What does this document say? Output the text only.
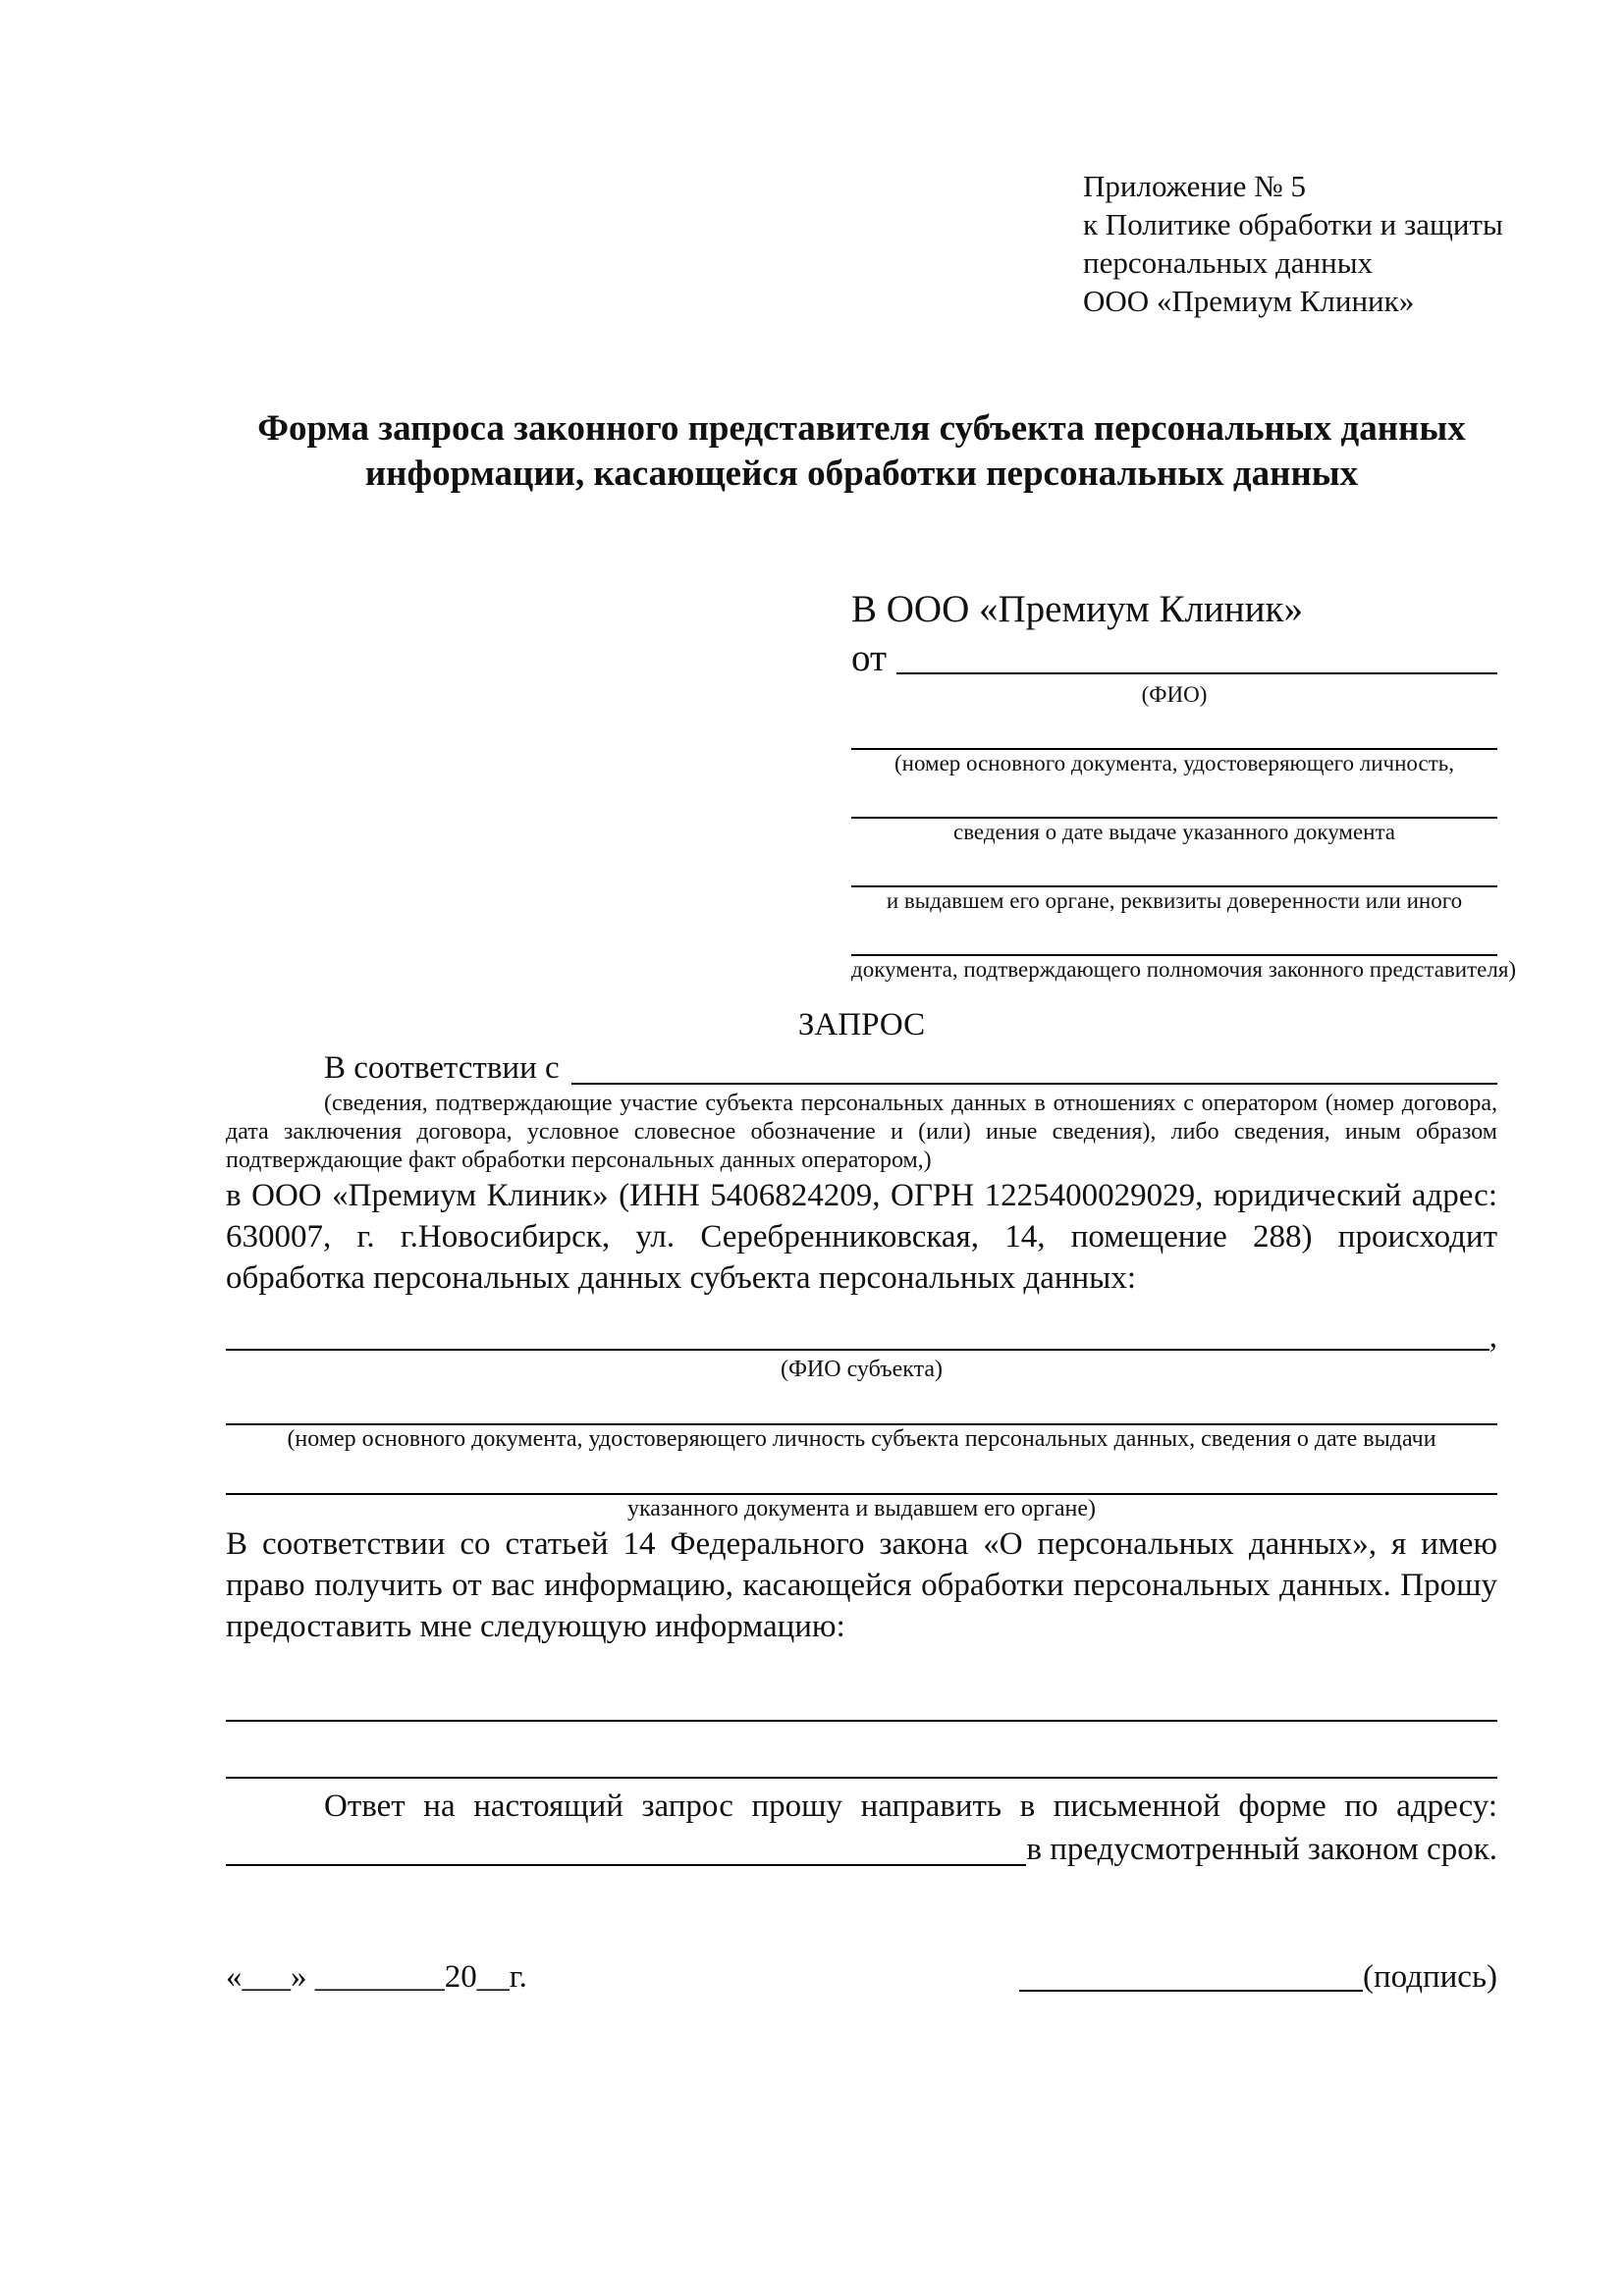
Приложение № 5
к Политике обработки и защиты
персональных данных
ООО «Премиум Клиник»
Форма запроса законного представителя субъекта персональных данных
информации, касающейся обработки персональных данных
В ООО «Премиум Клиник»
от
(ФИО)
(номер основного документа, удостоверяющего личность,
сведения о дате выдаче указанного документа
и выдавшем его органе, реквизиты доверенности или иного
документа, подтверждающего полномочия законного представителя)
ЗАПРОС
В соответствии с
(сведения, подтверждающие участие субъекта персональных данных в отношениях с оператором (номер договора, дата заключения договора, условное словесное обозначение и (или) иные сведения), либо сведения, иным образом подтверждающие факт обработки персональных данных оператором,)
в ООО «Премиум Клиник» (ИНН 5406824209, ОГРН 1225400029029, юридический адрес: 630007, г. г.Новосибирск, ул. Серебренниковская, 14, помещение 288) происходит обработка персональных данных субъекта персональных данных:
,
(ФИО субъекта)
(номер основного документа, удостоверяющего личность субъекта персональных данных, сведения о дате выдачи
указанного документа и выдавшем его органе)
В соответствии со статьей 14 Федерального закона «О персональных данных», я имею право получить от вас информацию, касающейся обработки персональных данных. Прошу предоставить мне следующую информацию:
Ответ на настоящий запрос прошу направить в письменной форме по адресу:
в предусмотренный законом срок.
«___» ________20__г.	(подпись)
